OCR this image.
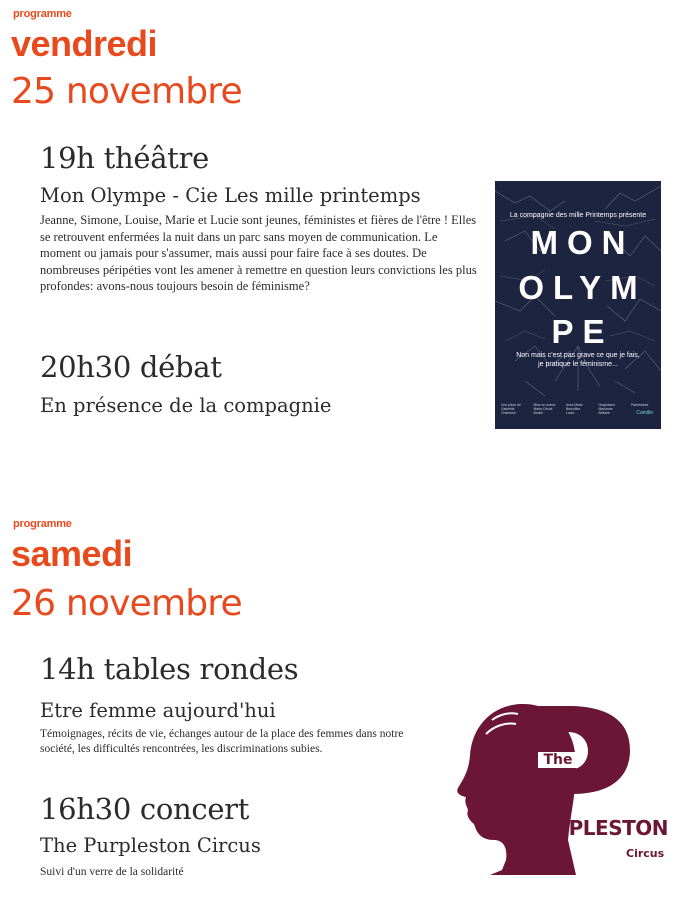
programme
vendredi
25 novembre
19h théâtre
Mon Olympe - Cie Les mille printemps
Jeanne, Simone, Louise, Marie et Lucie sont jeunes, féministes et fières de l'être ! Elles se retrouvent enfermées la nuit dans un parc sans moyen de communication. Le moment ou jamais pour s'assumer, mais aussi pour faire face à ses doutes. De nombreuses péripéties vont les amener à remettre en question leurs convictions les plus profondes: avons-nous toujours besoin de féminisme?
20h30 débat
En présence de la compagnie
La compagnie des mille Printemps présente
MON
OLYM
PE
Non mais c'est pas grave ce que je fais,
je pratique le féminisme...
Une pièce de Gabrielle Chalmont
Mise en scène Marie-Cécile Bouilli
Avec Marie Bercollier, Lucie...
Graphisme Marianne Bellaire
Partenaires
Camille
programme
samedi
26 novembre
14h tables rondes
Etre femme aujourd'hui
Témoignages, récits de vie, échanges autour de la place des femmes dans notre société, les difficultés rencontrées, les discriminations subies.
16h30 concert
The Purpleston Circus
Suivi d'un verre de la solidarité
The
URPLESTON
Circus
